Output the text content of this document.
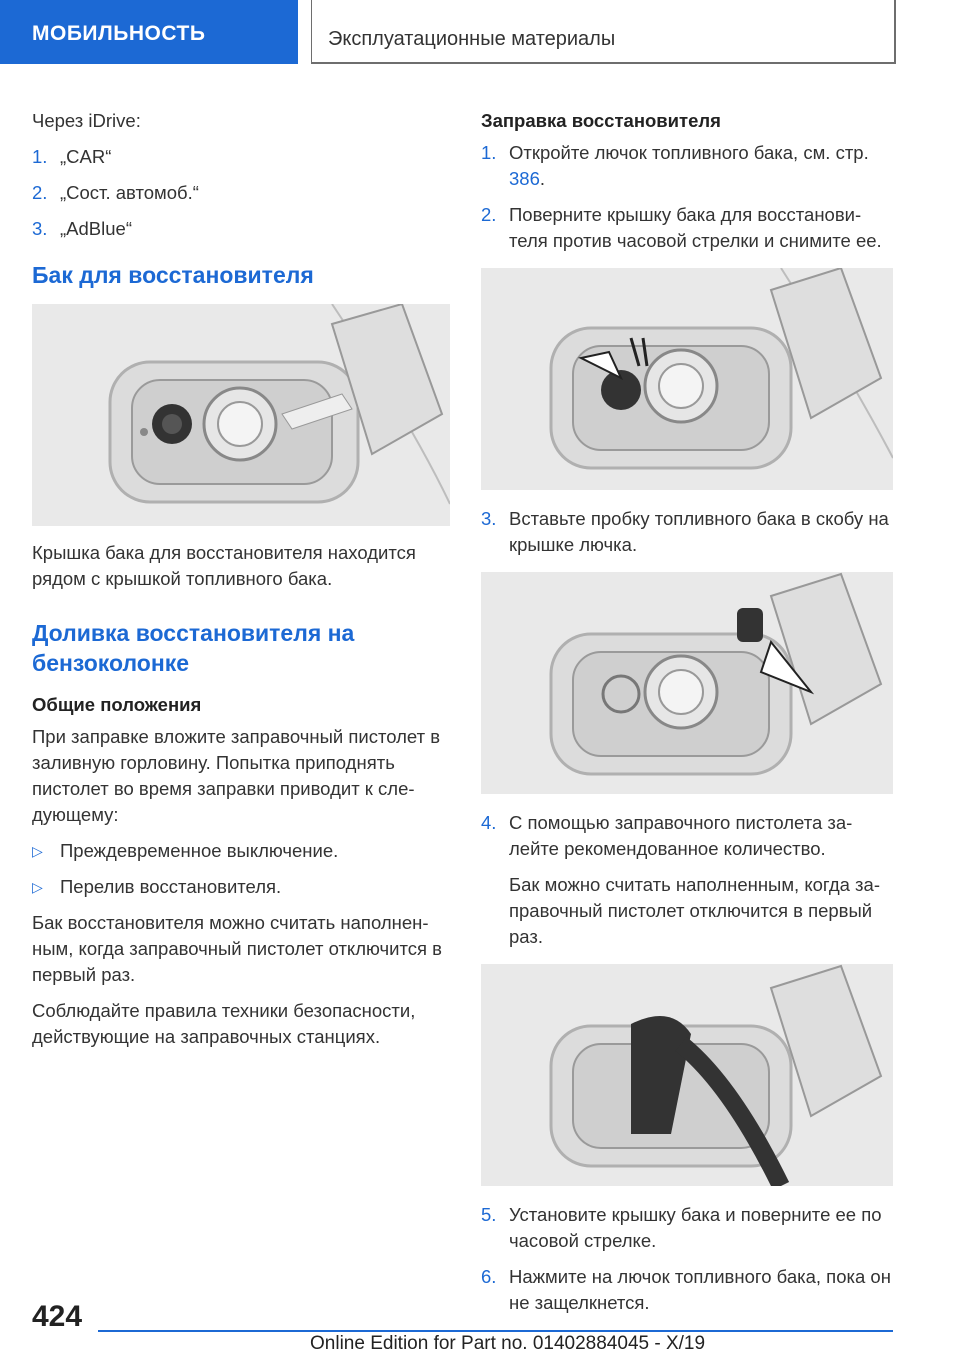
МОБИЛЬНОСТЬ	Эксплуатационные материалы

Через iDrive:

1. „CAR“
2. „Сост. автомоб.“
3. „AdBlue“
Бак для восстановителя

Крышка бака для восстановителя находится рядом с крышкой топливного бака.

Доливка восстановителя на бензоколонке
Общие положения

При заправке вложите заправочный пистолет в заливную горловину. Попытка приподнять пистолет во время заправки приводит к следующему:

▷ Преждевременное выключение.
▷ Перелив восстановителя.

Бак восстановителя можно считать наполненным, когда заправочный пистолет отключится в первый раз.

Соблюдайте правила техники безопасности, действующие на заправочных станциях.

Заправка восстановителя
1. Откройте лючок топливного бака, см. стр. 386.
2. Поверните крышку бака для восстановителя против часовой стрелки и снимите ее.
3. Вставьте пробку топливного бака в скобу на крышке лючка.
4. С помощью заправочного пистолета залейте рекомендованное количество.
Бак можно считать наполненным, когда заправочный пистолет отключится в первый раз.
5. Установите крышку бака и поверните ее по часовой стрелке.
6. Нажмите на лючок топливного бака, пока он не защелкнется.
424
Online Edition for Part no. 01402884045 - X/19
